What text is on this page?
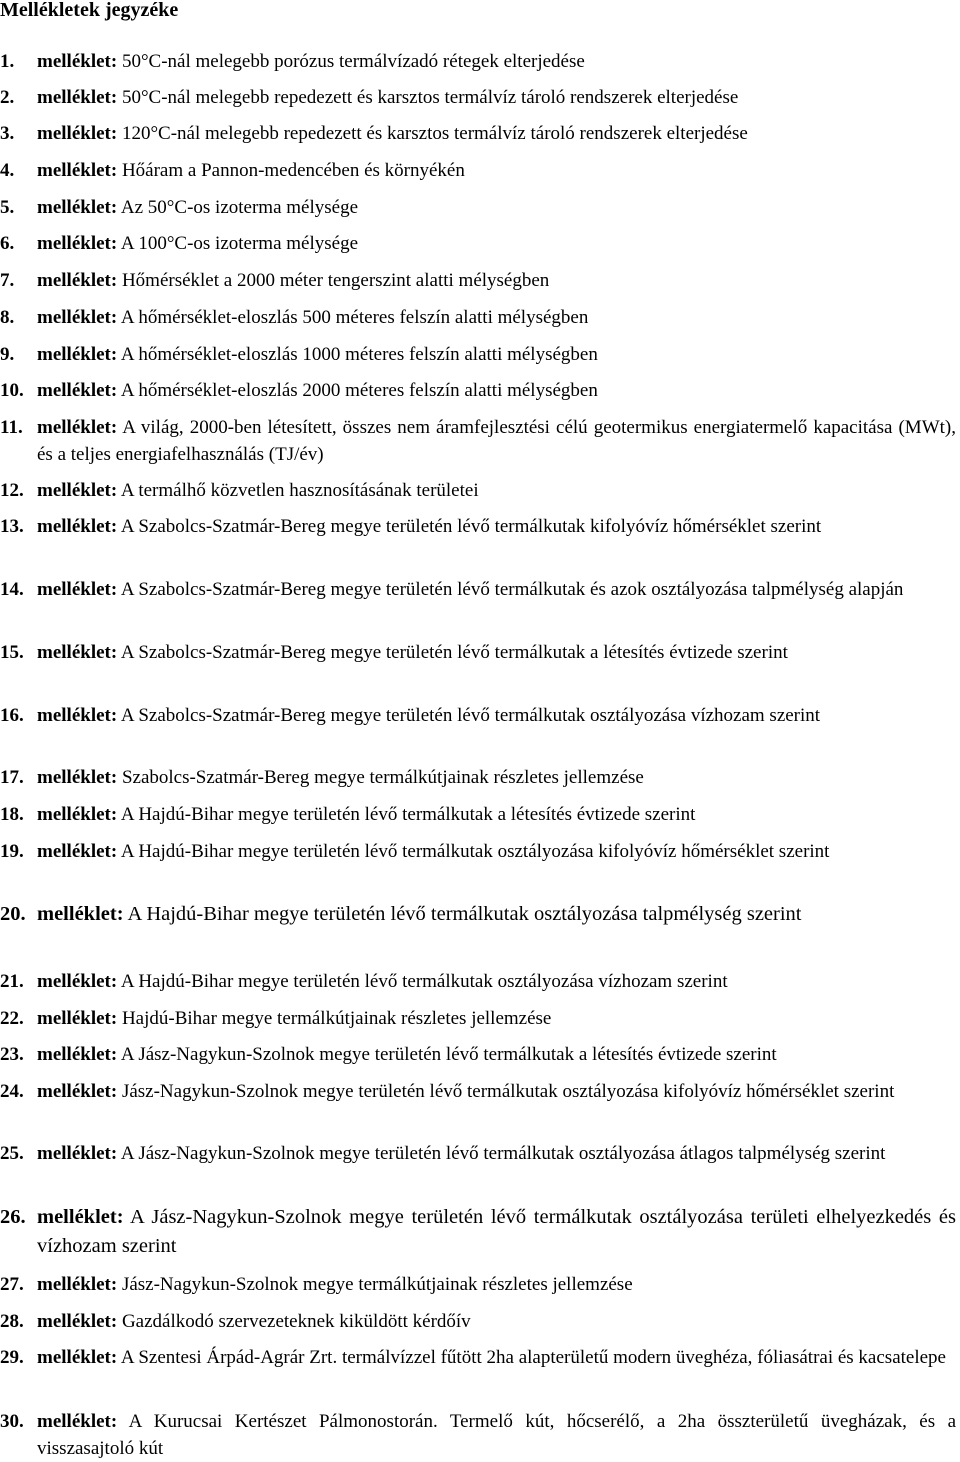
Mellékletek jegyzéke
1. melléklet: 50°C-nál melegebb porózus termálvízadó rétegek elterjedése
2. melléklet: 50°C-nál melegebb repedezett és karsztos termálvíz tároló rendszerek elterjedése
3. melléklet: 120°C-nál melegebb repedezett és karsztos termálvíz tároló rendszerek elterjedése
4. melléklet: Hőáram a Pannon-medencében és környékén
5. melléklet: Az 50°C-os izoterma mélysége
6. melléklet: A 100°C-os izoterma mélysége
7. melléklet: Hőmérséklet a 2000 méter tengerszint alatti mélységben
8. melléklet: A hőmérséklet-eloszlás 500 méteres felszín alatti mélységben
9. melléklet: A hőmérséklet-eloszlás 1000 méteres felszín alatti mélységben
10. melléklet: A hőmérséklet-eloszlás 2000 méteres felszín alatti mélységben
11. melléklet: A világ, 2000-ben létesített, összes nem áramfejlesztési célú geotermikus energiatermelő kapacitása (MWt), és a teljes energiafelhasználás (TJ/év)
12. melléklet: A termálhő közvetlen hasznosításának területei
13. melléklet: A Szabolcs-Szatmár-Bereg megye területén lévő termálkutak kifolyóvíz hőmérséklet szerint
14. melléklet: A Szabolcs-Szatmár-Bereg megye területén lévő termálkutak és azok osztályozása talpmélység alapján
15. melléklet: A Szabolcs-Szatmár-Bereg megye területén lévő termálkutak a létesítés évtizede szerint
16. melléklet: A Szabolcs-Szatmár-Bereg megye területén lévő termálkutak osztályozása vízhozam szerint
17. melléklet: Szabolcs-Szatmár-Bereg megye termálkútjainak részletes jellemzése
18. melléklet: A Hajdú-Bihar megye területén lévő termálkutak a létesítés évtizede szerint
19. melléklet: A Hajdú-Bihar megye területén lévő termálkutak osztályozása kifolyóvíz hőmérséklet szerint
20. melléklet: A Hajdú-Bihar megye területén lévő termálkutak osztályozása talpmélység szerint
21. melléklet: A Hajdú-Bihar megye területén lévő termálkutak osztályozása vízhozam szerint
22. melléklet: Hajdú-Bihar megye termálkútjainak részletes jellemzése
23. melléklet: A Jász-Nagykun-Szolnok megye területén lévő termálkutak a létesítés évtizede szerint
24. melléklet: Jász-Nagykun-Szolnok megye területén lévő termálkutak osztályozása kifolyóvíz hőmérséklet szerint
25. melléklet: A Jász-Nagykun-Szolnok megye területén lévő termálkutak osztályozása átlagos talpmélység szerint
26. melléklet: A Jász-Nagykun-Szolnok megye területén lévő termálkutak osztályozása területi elhelyezkedés és vízhozam szerint
27. melléklet: Jász-Nagykun-Szolnok megye termálkútjainak részletes jellemzése
28. melléklet: Gazdálkodó szervezeteknek kiküldött kérdőív
29. melléklet: A Szentesi Árpád-Agrár Zrt. termálvízzel fűtött 2ha alapterületű modern üveghéza, fóliasátrai és kacsatelepe
30. melléklet: A Kurucsai Kertészet Pálmonostorán. Termelő kút, hőcserélő, a 2ha összterületű üvegházak, és a visszasajtoló kút
